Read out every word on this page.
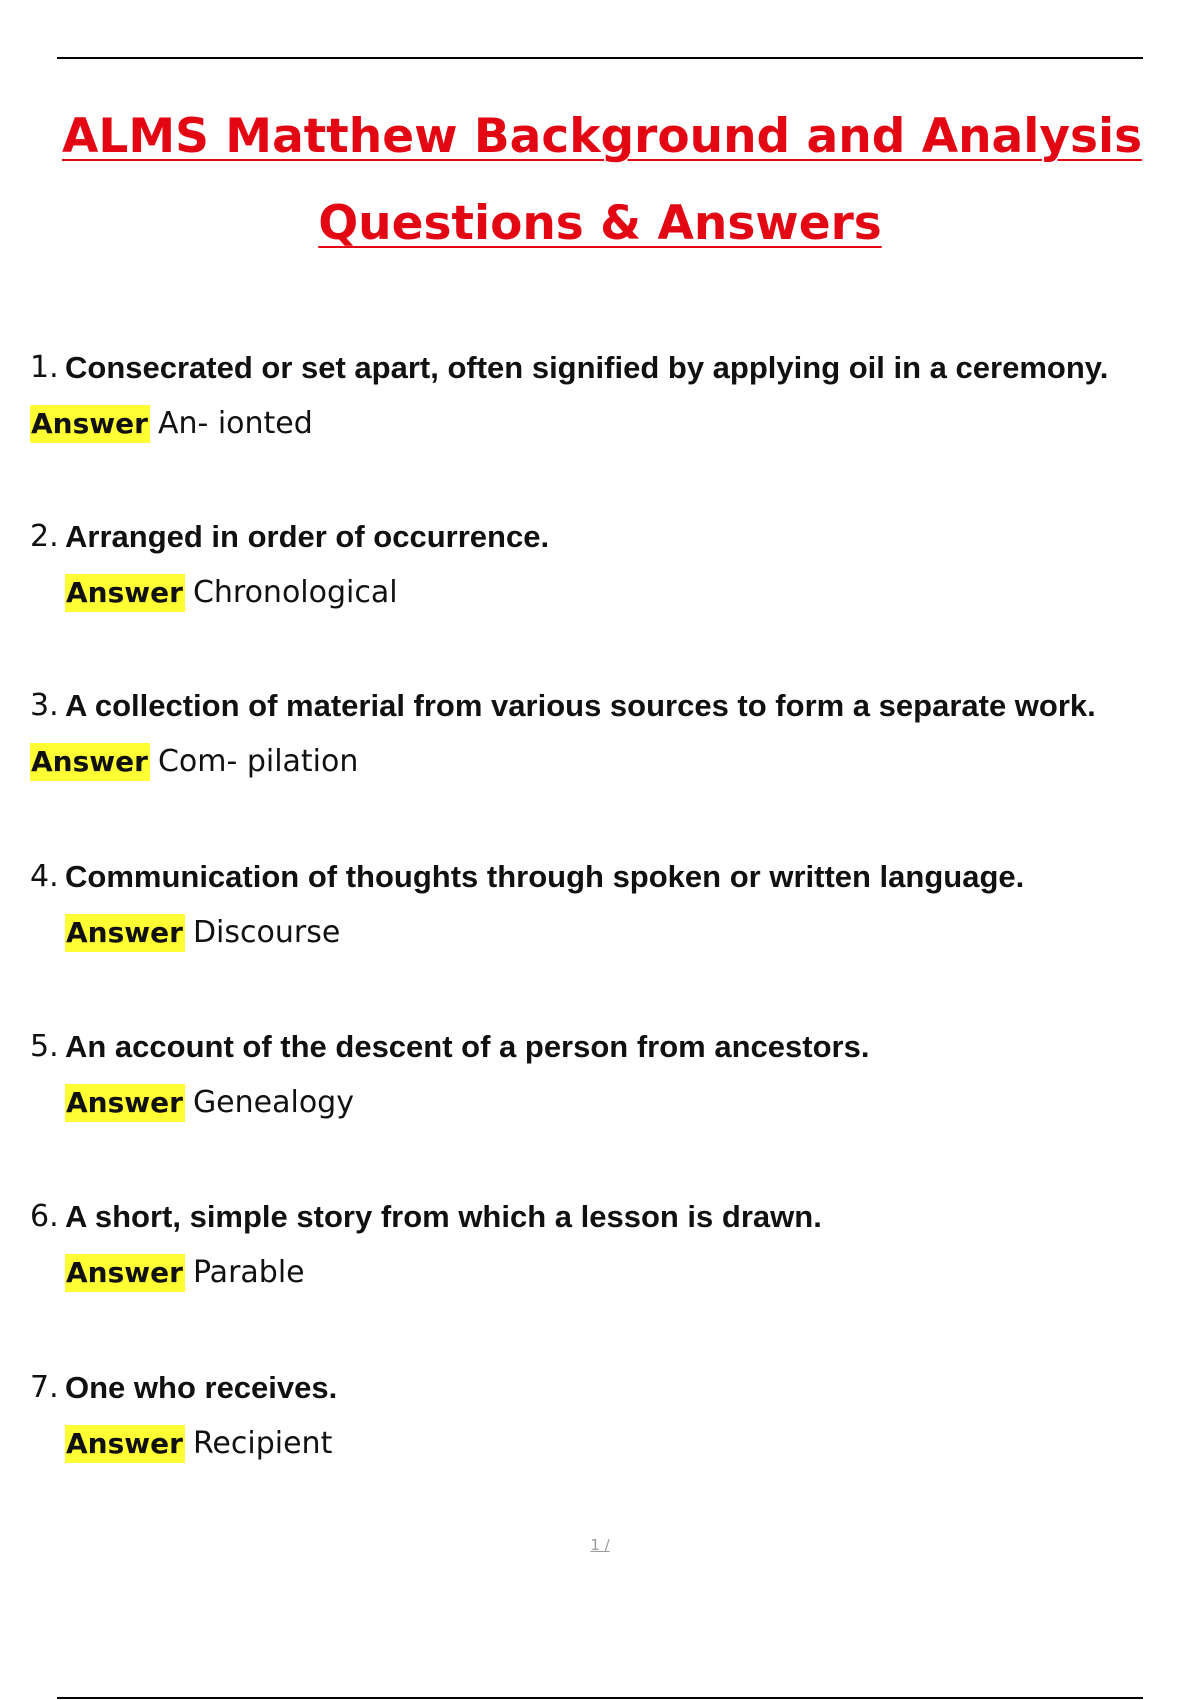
ALMS Matthew Background and Analysis
Questions & Answers
1. Consecrated or set apart, often signified by applying oil in a ceremony.
Answer An- ionted
2. Arranged in order of occurrence.
Answer Chronological
3. A collection of material from various sources to form a separate work.
Answer Com- pilation
4. Communication of thoughts through spoken or written language.
Answer Discourse
5. An account of the descent of a person from ancestors.
Answer Genealogy
6. A short, simple story from which a lesson is drawn.
Answer Parable
7. One who receives.
Answer Recipient
1 /
